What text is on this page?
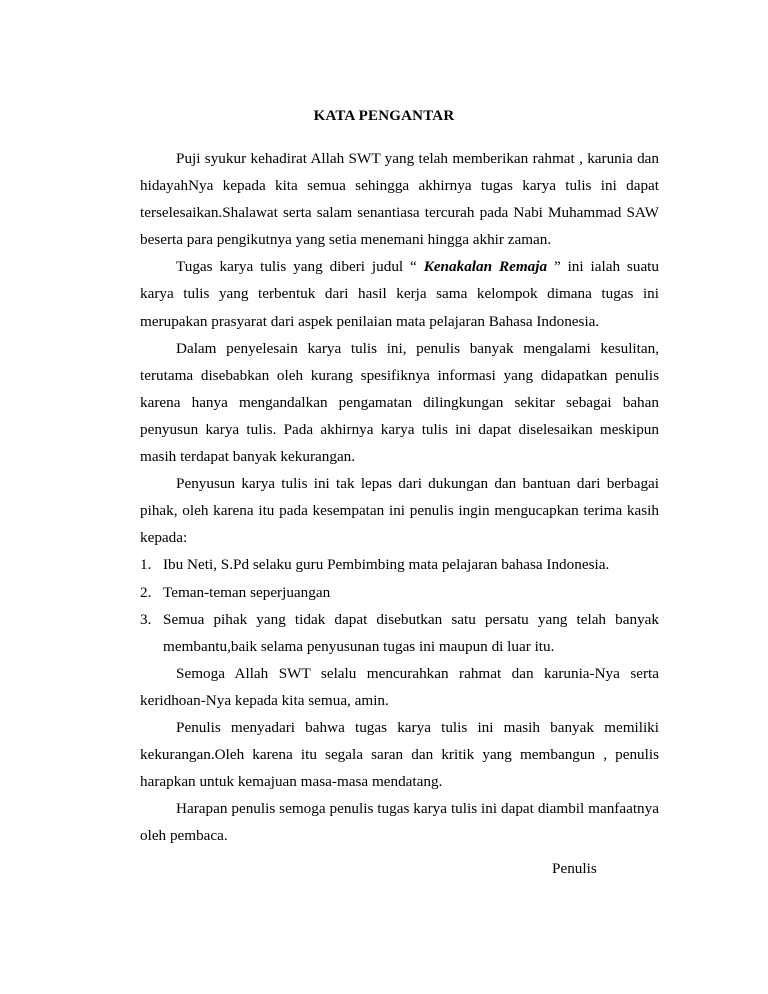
KATA PENGANTAR

Puji syukur kehadirat Allah SWT yang telah memberikan rahmat , karunia dan hidayahNya kepada kita semua sehingga akhirnya tugas karya tulis ini dapat terselesaikan.Shalawat serta salam senantiasa tercurah pada Nabi Muhammad SAW beserta para pengikutnya yang setia menemani hingga akhir zaman.

Tugas karya tulis yang diberi judul “ Kenakalan Remaja ” ini ialah suatu karya tulis yang terbentuk dari hasil kerja sama kelompok dimana tugas ini merupakan prasyarat dari aspek penilaian mata pelajaran Bahasa Indonesia.

Dalam penyelesain karya tulis ini, penulis banyak mengalami kesulitan, terutama disebabkan oleh kurang spesifiknya informasi yang didapatkan penulis karena hanya mengandalkan pengamatan dilingkungan sekitar sebagai bahan penyusun karya tulis. Pada akhirnya karya tulis ini dapat diselesaikan meskipun masih terdapat banyak kekurangan.

Penyusun karya tulis ini tak lepas dari dukungan dan bantuan dari berbagai pihak, oleh karena itu pada kesempatan ini penulis ingin mengucapkan terima kasih kepada:

1. Ibu Neti, S.Pd selaku guru Pembimbing mata pelajaran bahasa Indonesia.
2. Teman-teman seperjuangan
3. Semua pihak yang tidak dapat disebutkan satu persatu yang telah banyak membantu,baik selama penyusunan tugas ini maupun di luar itu.

Semoga Allah SWT selalu mencurahkan rahmat dan karunia-Nya serta keridhoan-Nya kepada kita semua, amin.

Penulis menyadari bahwa tugas karya tulis ini masih banyak memiliki kekurangan.Oleh karena itu segala saran dan kritik yang membangun , penulis harapkan untuk kemajuan masa-masa mendatang.

Harapan penulis semoga penulis tugas karya tulis ini dapat diambil manfaatnya oleh pembaca.

Penulis
